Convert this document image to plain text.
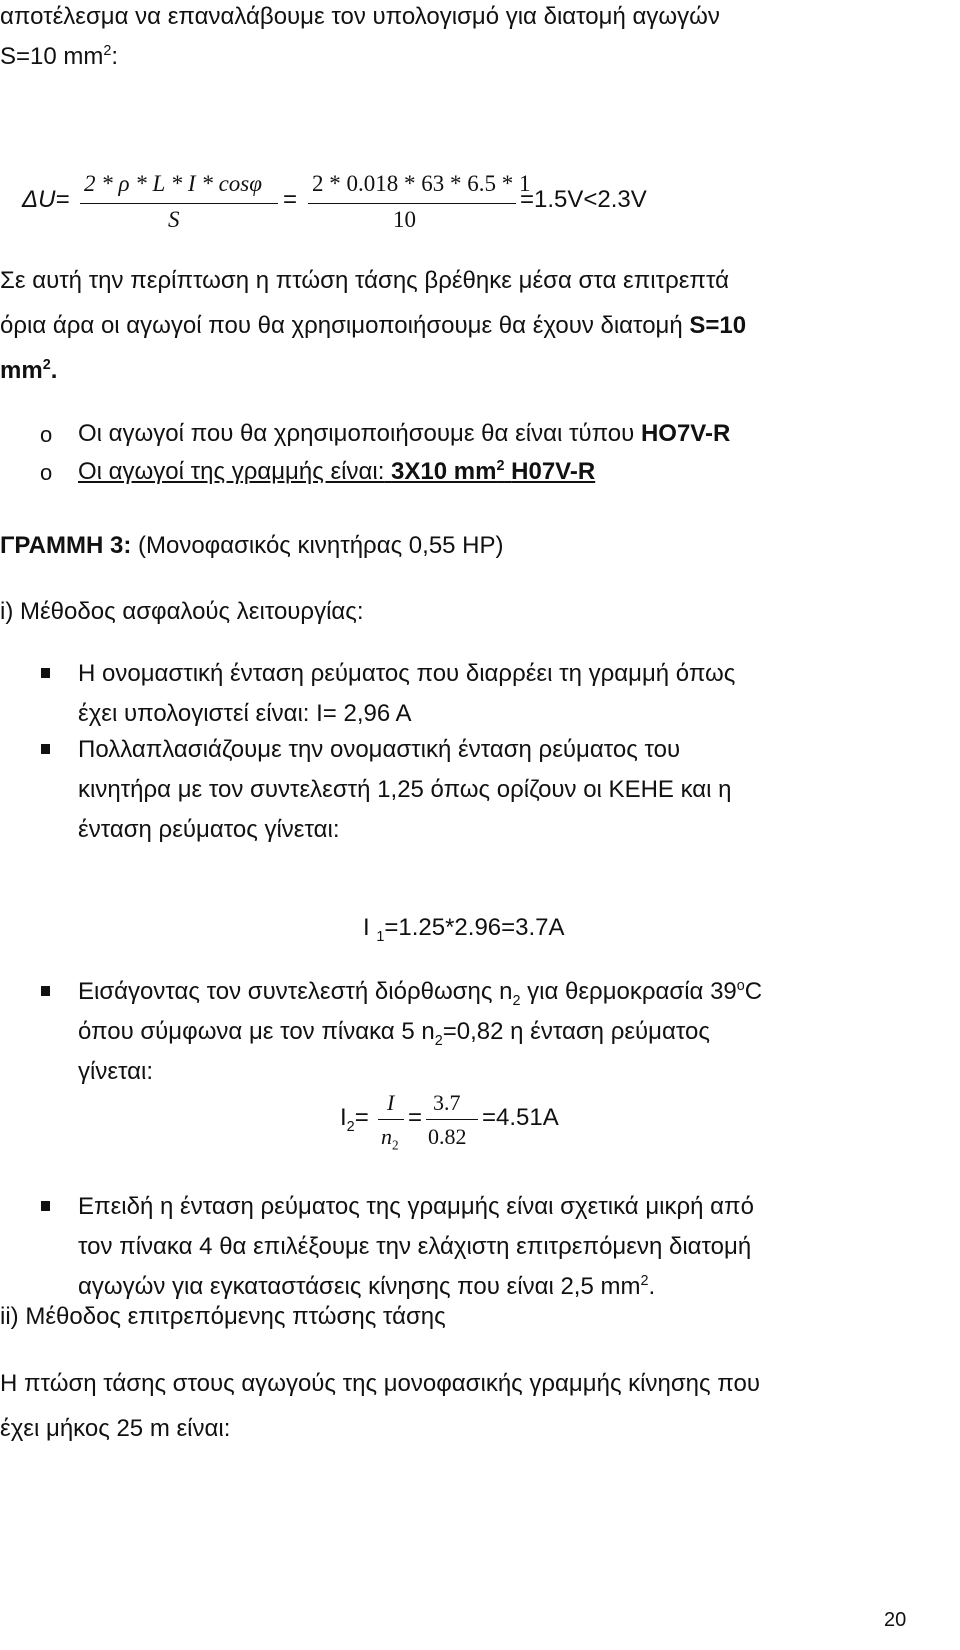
αποτέλεσμα να επαναλάβουμε τον υπολογισμό για διατομή αγωγών
S=10 $mm^2$:
ΔU=
2 * ρ * L * I * cosφ
S
=
2 * 0.018 * 63 * 6.5 * 1
10
=1.5V<2.3V
Σε αυτή την περίπτωση η πτώση τάσης βρέθηκε μέσα στα επιτρεπτά
όρια άρα οι αγωγοί που θα χρησιμοποιήσουμε θα έχουν διατομή S=10
$mm^2$.
o Οι αγωγοί που θα χρησιμοποιήσουμε θα είναι τύπου HO7V-R
o Οι αγωγοί της γραμμής είναι: 3X10 $mm^2$ H07V-R
ΓΡΑΜΜΗ 3: (Μονοφασικός κινητήρας 0,55 HP)
i) Μέθοδος ασφαλούς λειτουργίας:
Η ονομαστική ένταση ρεύματος που διαρρέει τη γραμμή όπως
έχει υπολογιστεί είναι: I= 2,96 A
Πολλαπλασιάζουμε την ονομαστική ένταση ρεύματος του
κινητήρα με τον συντελεστή 1,25 όπως ορίζουν οι ΚΕΗΕ και η
ένταση ρεύματος γίνεται:
I $_1$=1.25*2.96=3.7A
Εισάγοντας τον συντελεστή διόρθωσης $n_2$ για θερμοκρασία $39^oC$
όπου σύμφωνα με τον πίνακα 5 $n_2=0,82$ η ένταση ρεύματος
γίνεται:
$I_2=$
I
$n_2$
=
3.7
0.82
=4.51A
Επειδή η ένταση ρεύματος της γραμμής είναι σχετικά μικρή από
τον πίνακα 4 θα επιλέξουμε την ελάχιστη επιτρεπόμενη διατομή
αγωγών για εγκαταστάσεις κίνησης που είναι 2,5 $mm^2$.
ii) Μέθοδος επιτρεπόμενης πτώσης τάσης
Η πτώση τάσης στους αγωγούς της μονοφασικής γραμμής κίνησης που
έχει μήκος 25 m είναι:
20
